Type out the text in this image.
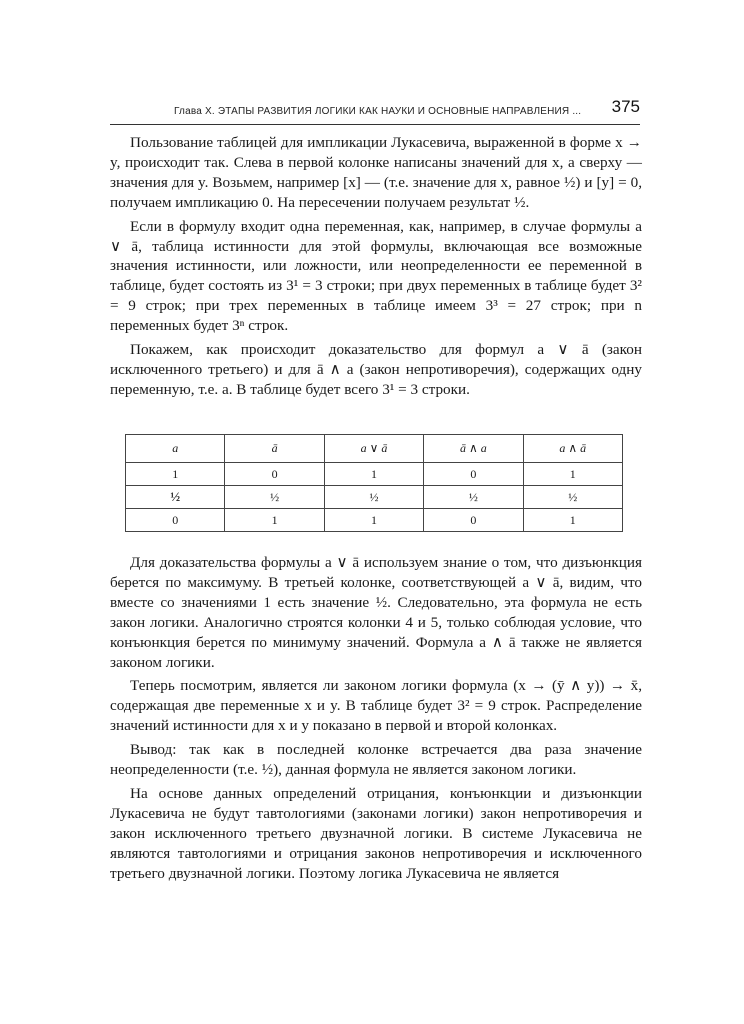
Глава X. ЭТАПЫ РАЗВИТИЯ ЛОГИКИ КАК НАУКИ И ОСНОВНЫЕ НАПРАВЛЕНИЯ ... 375

Пользование таблицей для импликации Лукасевича, выраженной в форме x → y, происходит так. Слева в первой колонке написаны значений для x, а сверху — значения для y. Возьмем, например [x] — (т.е. значение для x, равное ½) и [y] = 0, получаем импликацию 0. На пересечении получаем результат ½.

Если в формулу входит одна переменная, как, например, в случае формулы a ∨ ā, таблица истинности для этой формулы, включающая все возможные значения истинности, или ложности, или неопределенности ее переменной в таблице, будет состоять из 3¹ = 3 строки; при двух переменных в таблице будет 3² = 9 строк; при трех переменных в таблице имеем 3³ = 27 строк; при n переменных будет 3ⁿ строк.

Покажем, как происходит доказательство для формул a ∨ ā (закон исключенного третьего) и для ā ∧ a (закон непротиворечия), содержащих одну переменную, т.е. a. В таблице будет всего 3¹ = 3 строки.

a	ā	a ∨ ā	ā ∧ a	a ∧ ā
1	0	1	0	1
½	½	½	½	½
0	1	1	0	1

Для доказательства формулы a ∨ ā используем знание о том, что дизъюнкция берется по максимуму. В третьей колонке, соответствующей a ∨ ā, видим, что вместе со значениями 1 есть значение ½. Следовательно, эта формула не есть закон логики. Аналогично строятся колонки 4 и 5, только соблюдая условие, что конъюнкция берется по минимуму значений. Формула a ∧ ā также не является законом логики.

Теперь посмотрим, является ли законом логики формула (x → (ȳ ∧ y)) → x̄, содержащая две переменные x и y. В таблице будет 3² = 9 строк. Распределение значений истинности для x и y показано в первой и второй колонках.

Вывод: так как в последней колонке встречается два раза значение неопределенности (т.е. ½), данная формула не является законом логики.

На основе данных определений отрицания, конъюнкции и дизъюнкции Лукасевича не будут тавтологиями (законами логики) закон непротиворечия и закон исключенного третьего двузначной логики. В системе Лукасевича не являются тавтологиями и отрицания законов непротиворечия и исключенного третьего двузначной логики. Поэтому логика Лукасевича не является
